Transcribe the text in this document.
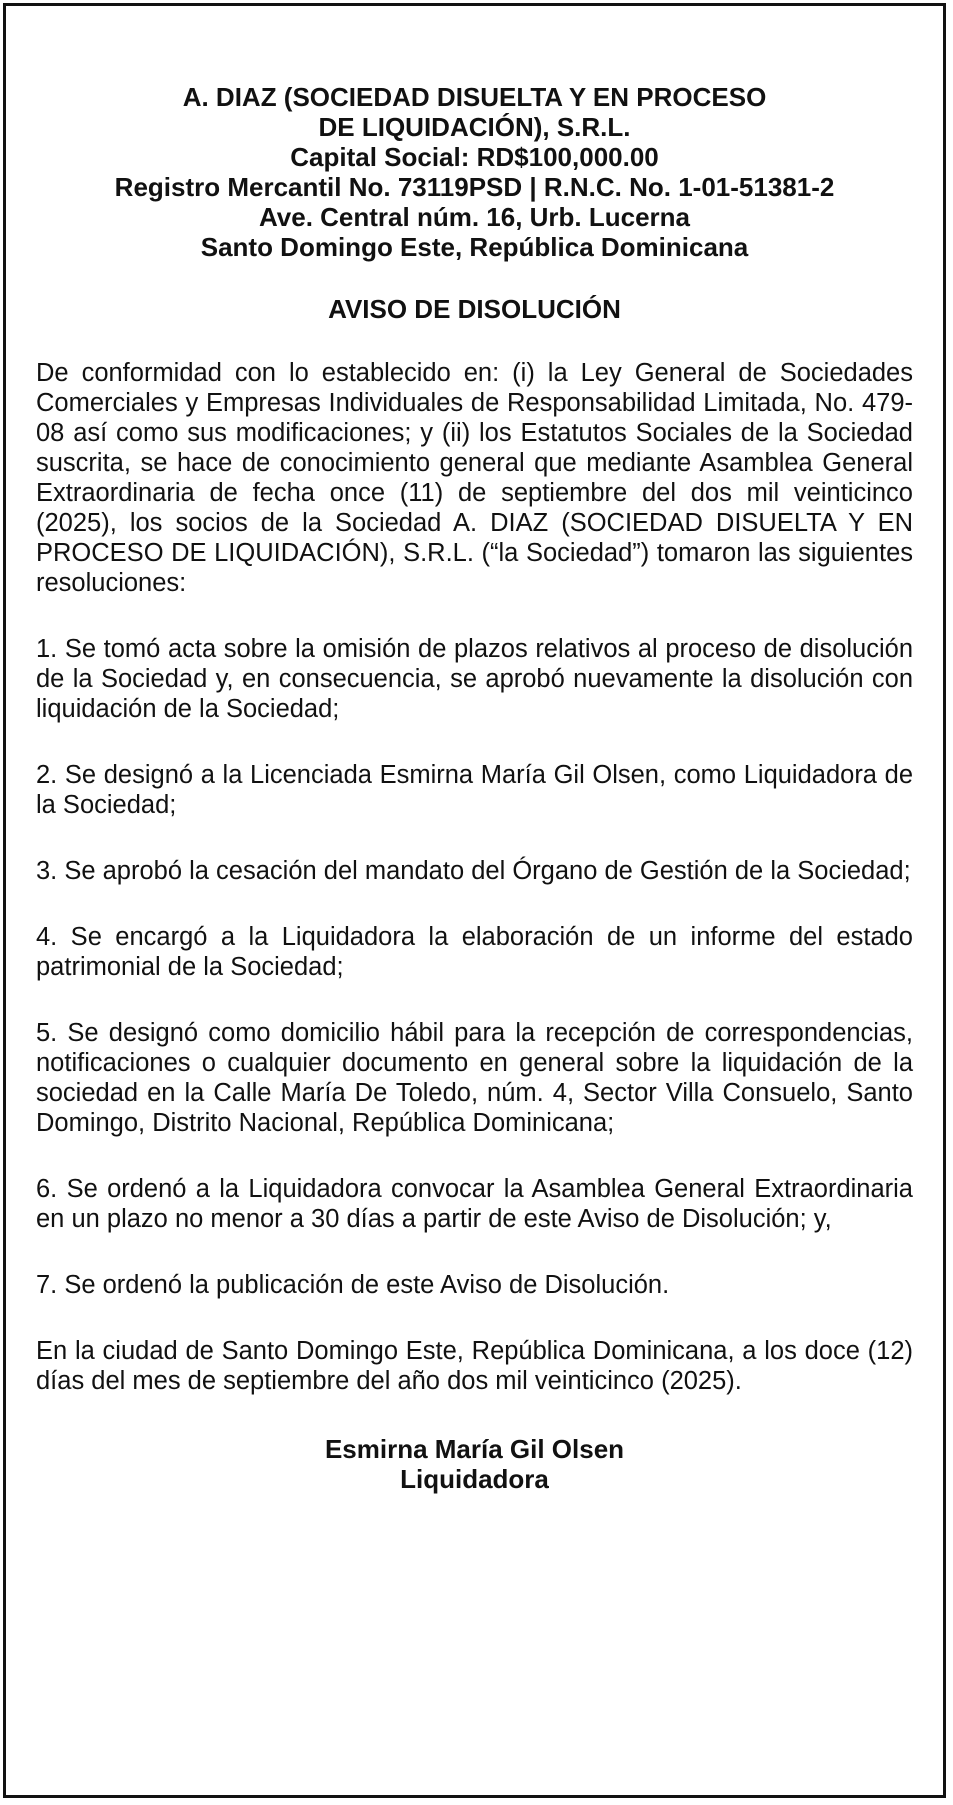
A. DIAZ (SOCIEDAD DISUELTA Y EN PROCESO
DE LIQUIDACIÓN), S.R.L.
Capital Social: RD$100,000.00
Registro Mercantil No. 73119PSD | R.N.C. No. 1-01-51381-2
Ave. Central núm. 16, Urb. Lucerna
Santo Domingo Este, República Dominicana
AVISO DE DISOLUCIÓN

De conformidad con lo establecido en: (i) la Ley General de Sociedades Comerciales y Empresas Individuales de Responsabilidad Limitada, No. 479-08 así como sus modificaciones; y (ii) los Estatutos Sociales de la Sociedad suscrita, se hace de conocimiento general que mediante Asamblea General Extraordinaria de fecha once (11) de septiembre del dos mil veinticinco (2025), los socios de la Sociedad A. DIAZ (SOCIEDAD DISUELTA Y EN PROCESO DE LIQUIDACIÓN), S.R.L. (“la Sociedad”) tomaron las siguientes resoluciones:

1. Se tomó acta sobre la omisión de plazos relativos al proceso de disolución de la Sociedad y, en consecuencia, se aprobó nuevamente la disolución con liquidación de la Sociedad;

2. Se designó a la Licenciada Esmirna María Gil Olsen, como Liquidadora de la Sociedad;

3. Se aprobó la cesación del mandato del Órgano de Gestión de la Sociedad;

4. Se encargó a la Liquidadora la elaboración de un informe del estado patrimonial de la Sociedad;

5. Se designó como domicilio hábil para la recepción de correspondencias, notificaciones o cualquier documento en general sobre la liquidación de la sociedad en la Calle María De Toledo, núm. 4, Sector Villa Consuelo, Santo Domingo, Distrito Nacional, República Dominicana;

6. Se ordenó a la Liquidadora convocar la Asamblea General Extraordinaria en un plazo no menor a 30 días a partir de este Aviso de Disolución; y,

7. Se ordenó la publicación de este Aviso de Disolución.

En la ciudad de Santo Domingo Este, República Dominicana, a los doce (12) días del mes de septiembre del año dos mil veinticinco (2025).

Esmirna María Gil Olsen
Liquidadora
